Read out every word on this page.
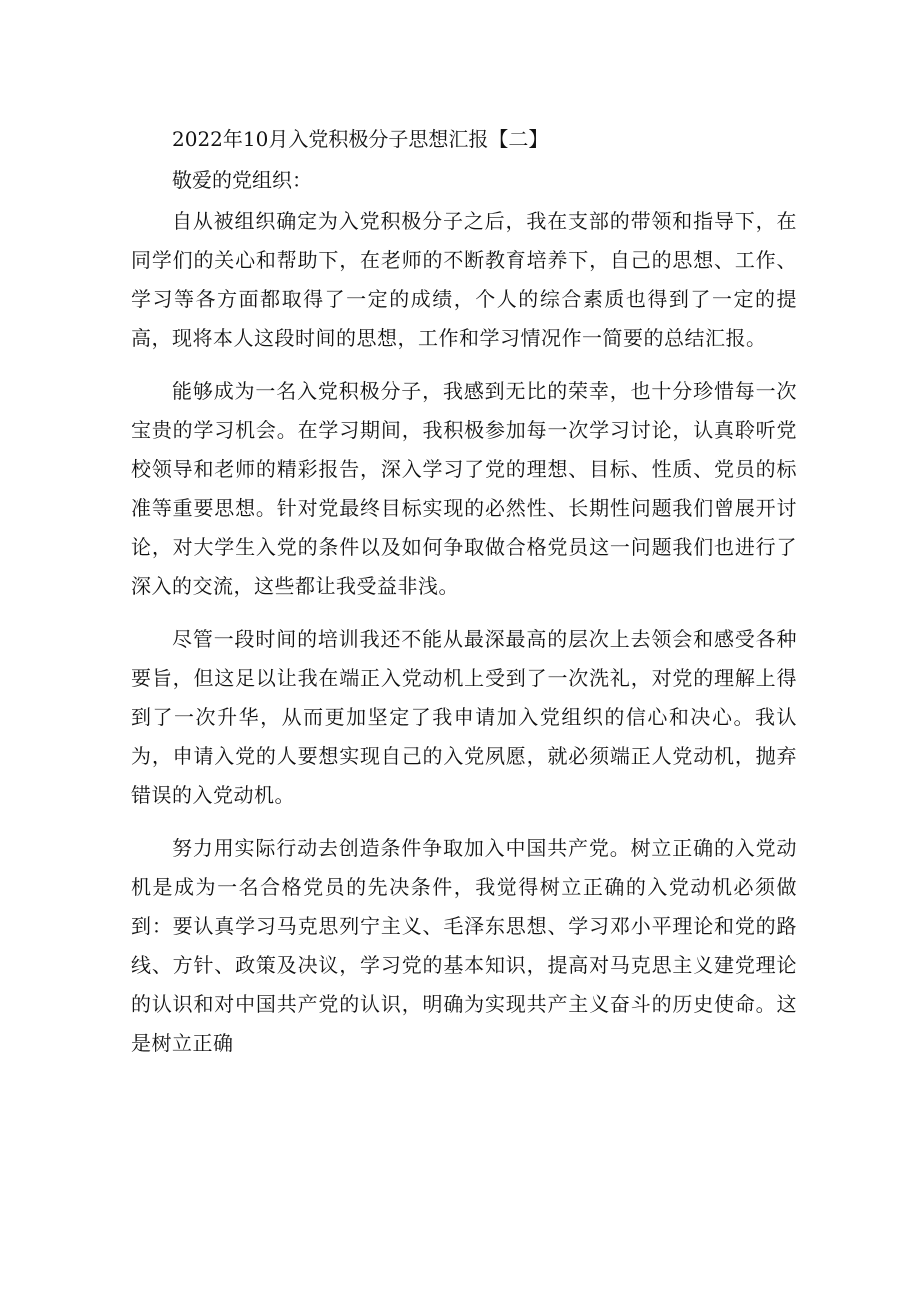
2022年10月入党积极分子思想汇报【二】

敬爱的党组织：

自从被组织确定为入党积极分子之后，我在支部的带领和指导下，在同学们的关心和帮助下，在老师的不断教育培养下，自己的思想、工作、学习等各方面都取得了一定的成绩，个人的综合素质也得到了一定的提高，现将本人这段时间的思想，工作和学习情况作一简要的总结汇报。

能够成为一名入党积极分子，我感到无比的荣幸，也十分珍惜每一次宝贵的学习机会。在学习期间，我积极参加每一次学习讨论，认真聆听党校领导和老师的精彩报告，深入学习了党的理想、目标、性质、党员的标准等重要思想。针对党最终目标实现的必然性、长期性问题我们曾展开讨论，对大学生入党的条件以及如何争取做合格党员这一问题我们也进行了深入的交流，这些都让我受益非浅。

尽管一段时间的培训我还不能从最深最高的层次上去领会和感受各种要旨，但这足以让我在端正入党动机上受到了一次洗礼，对党的理解上得到了一次升华，从而更加坚定了我申请加入党组织的信心和决心。我认为，申请入党的人要想实现自己的入党夙愿，就必须端正人党动机，抛弃错误的入党动机。

努力用实际行动去创造条件争取加入中国共产党。树立正确的入党动机是成为一名合格党员的先决条件，我觉得树立正确的入党动机必须做到：要认真学习马克思列宁主义、毛泽东思想、学习邓小平理论和党的路线、方针、政策及决议，学习党的基本知识，提高对马克思主义建党理论的认识和对中国共产党的认识，明确为实现共产主义奋斗的历史使命。这是树立正确
